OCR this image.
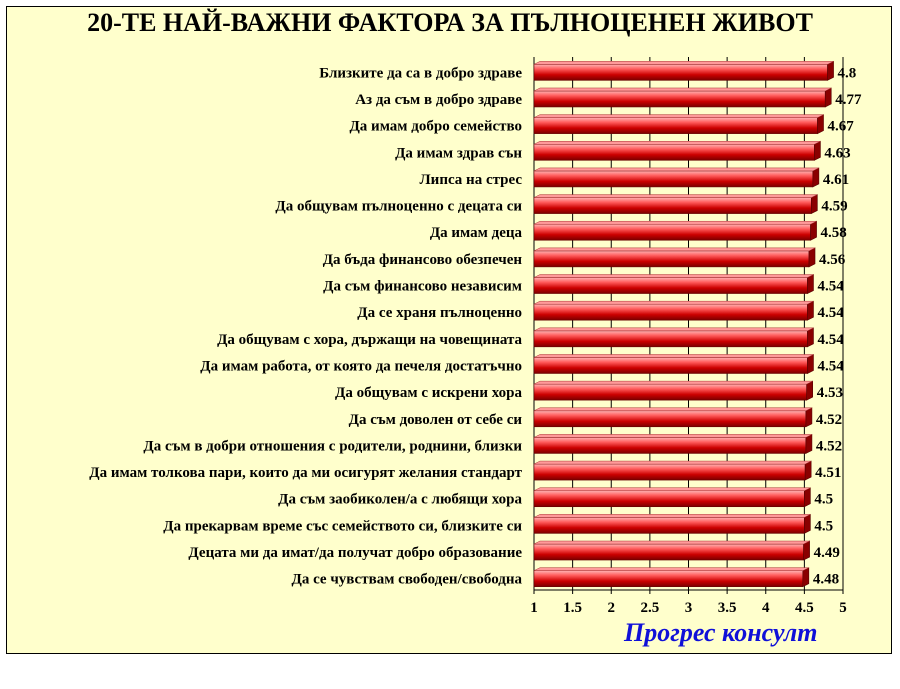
20-ТЕ НАЙ-ВАЖНИ ФАКТОРА ЗА ПЪЛНОЦЕНЕН ЖИВОТ
Близките да са в добро здраве
Аз да съм в добро здраве
Да имам добро семейство
Да имам здрав сън
Липса на стрес
Да общувам пълноценно с децата си
Да имам деца
Да бъда финансово обезпечен
Да съм финансово независим
Да се храня пълноценно
Да общувам с хора, държащи на човещината
Да имам работа, от която да печеля достатъчно
Да общувам с искрени хора
Да съм доволен от себе си
Да съм в добри отношения с родители, роднини, близки
Да имам толкова пари, които да ми осигурят желания стандарт
Да съм заобиколен/а с любящи хора
Да прекарвам време със семейството си, близките си
Децата ми да имат/да получат добро образование
Да се чувствам свободен/свободна
4.8
4.77
4.67
4.63
4.61
4.59
4.58
4.56
4.54
4.54
4.54
4.54
4.53
4.52
4.52
4.51
4.5
4.5
4.49
4.48
1 1.5 2 2.5 3 3.5 4 4.5 5
Прогрес консулт
